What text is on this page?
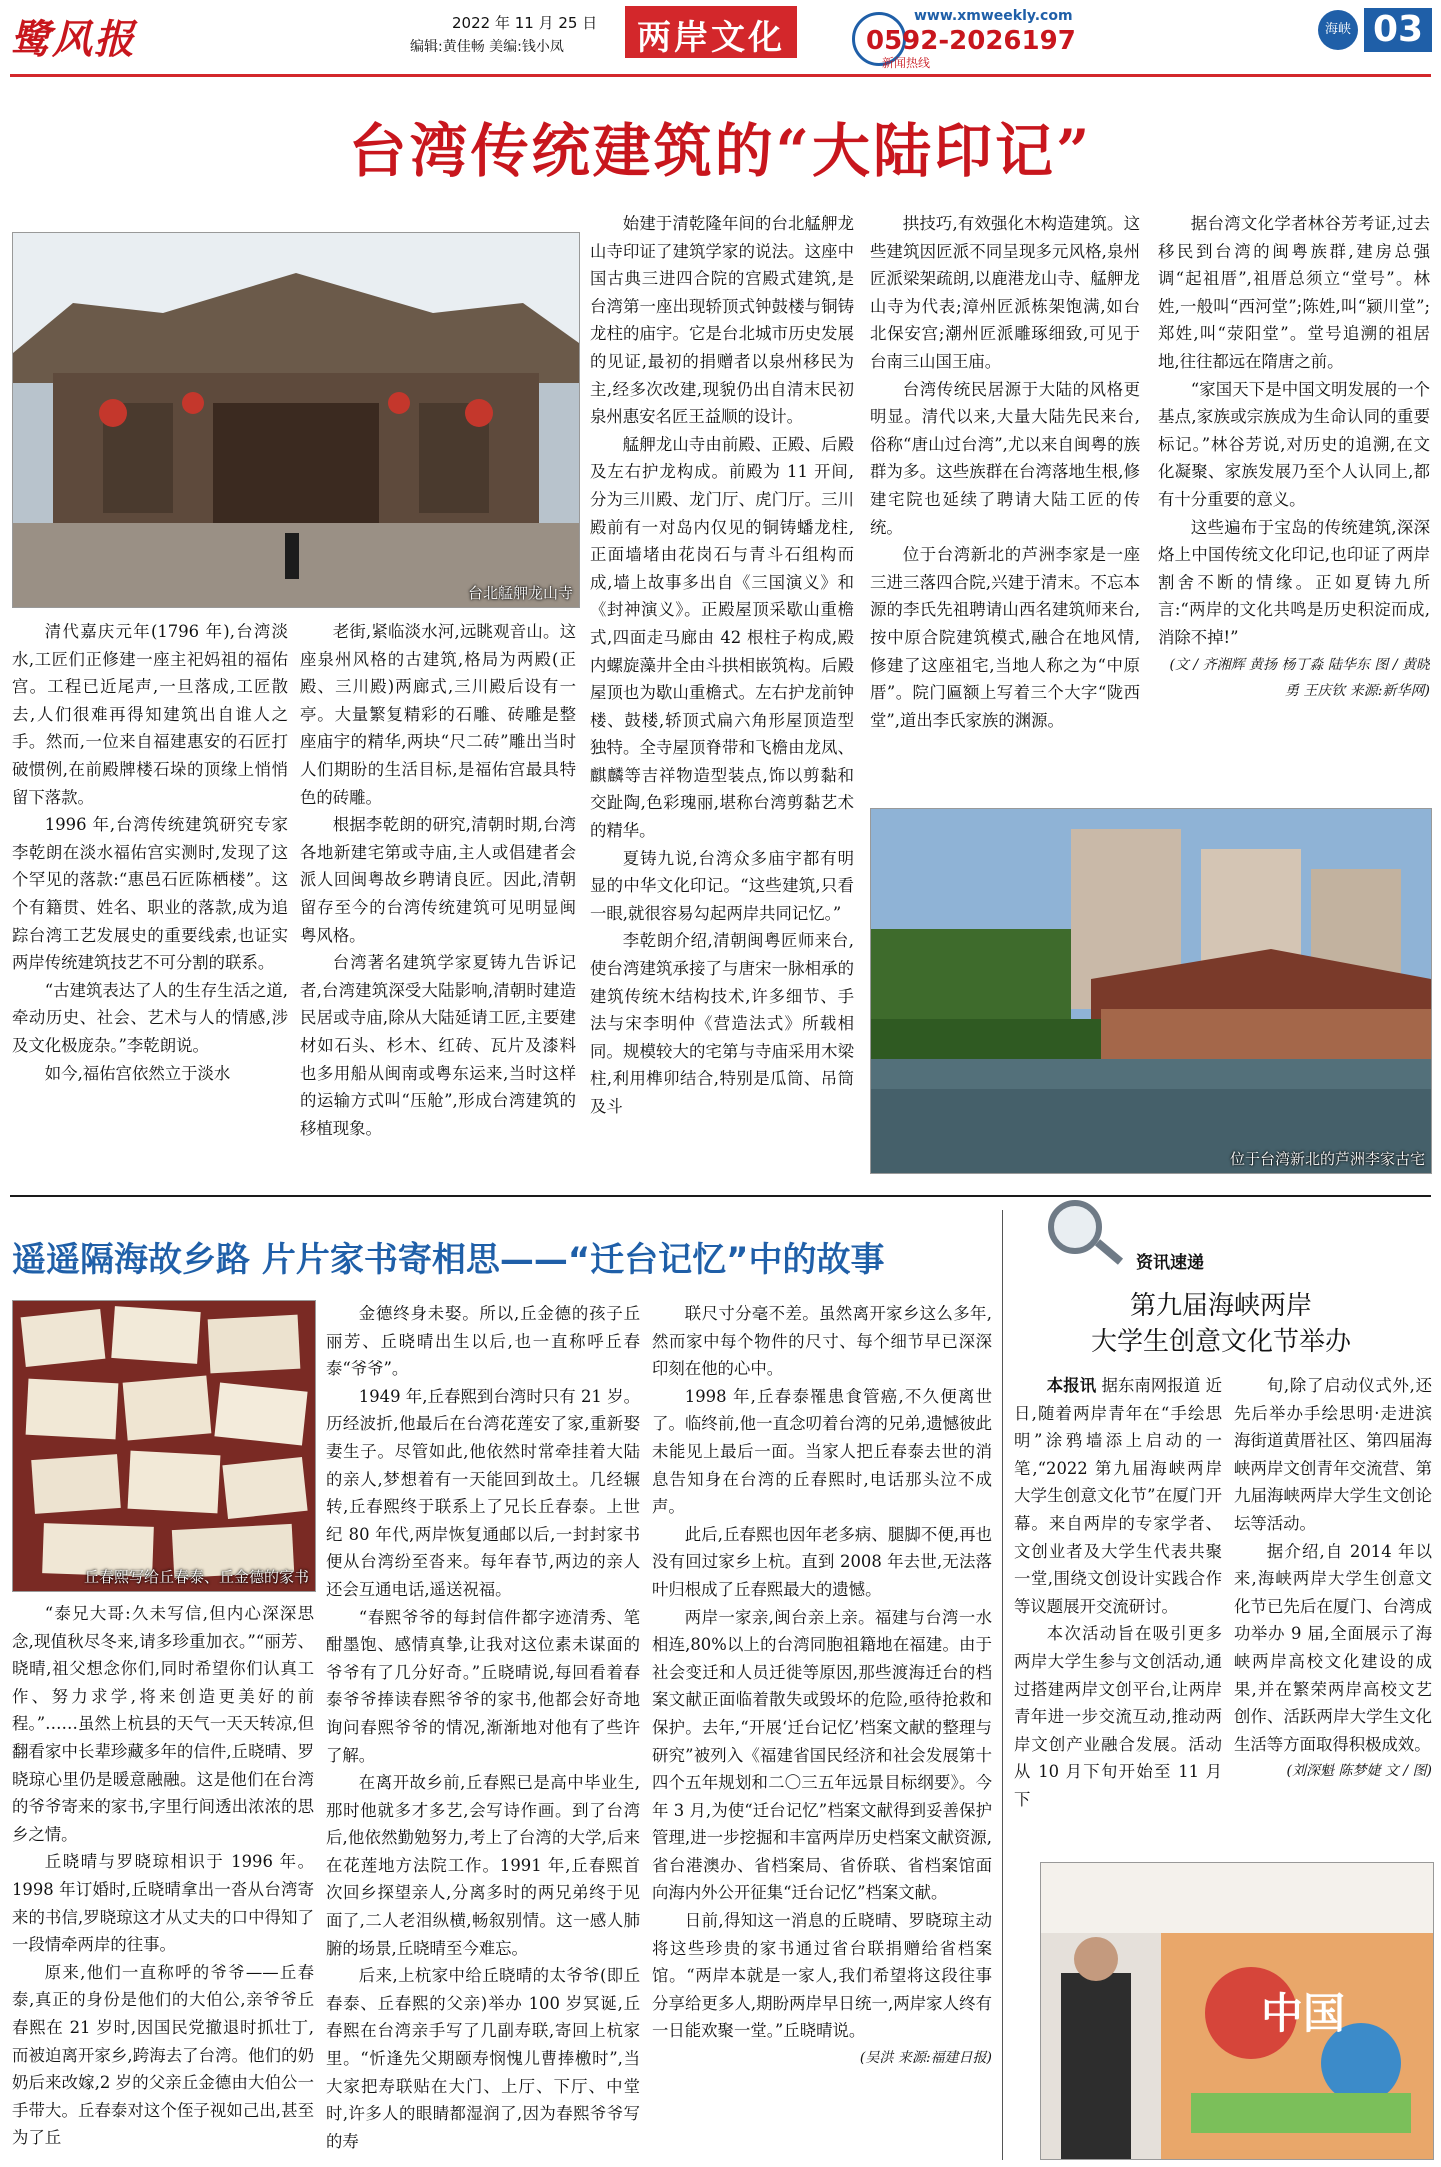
鹭风报	2022 年 11 月 25 日
编辑:黄佳畅 美编:钱小凤	两岸文化
www.xmweekly.com
0592-2026197
新闻热线
海峡 03
台湾传统建筑的“大陆印记”
台北艋舺龙山寺

清代嘉庆元年(1796 年),台湾淡水,工匠们正修建一座主祀妈祖的福佑宫。工程已近尾声,一旦落成,工匠散去,人们很难再得知建筑出自谁人之手。然而,一位来自福建惠安的石匠打破惯例,在前殿牌楼石垛的顶缘上悄悄留下落款。

1996 年,台湾传统建筑研究专家李乾朗在淡水福佑宫实测时,发现了这个罕见的落款:“惠邑石匠陈栖楼”。这个有籍贯、姓名、职业的落款,成为追踪台湾工艺发展史的重要线索,也证实两岸传统建筑技艺不可分割的联系。

“古建筑表达了人的生存生活之道,牵动历史、社会、艺术与人的情感,涉及文化极庞杂。”李乾朗说。

如今,福佑宫依然立于淡水

老街,紧临淡水河,远眺观音山。这座泉州风格的古建筑,格局为两殿(正殿、三川殿)两廊式,三川殿后设有一亭。大量繁复精彩的石雕、砖雕是整座庙宇的精华,两块“尺二砖”雕出当时人们期盼的生活目标,是福佑宫最具特色的砖雕。

根据李乾朗的研究,清朝时期,台湾各地新建宅第或寺庙,主人或倡建者会派人回闽粤故乡聘请良匠。因此,清朝留存至今的台湾传统建筑可见明显闽粤风格。

台湾著名建筑学家夏铸九告诉记者,台湾建筑深受大陆影响,清朝时建造民居或寺庙,除从大陆延请工匠,主要建材如石头、杉木、红砖、瓦片及漆料也多用船从闽南或粤东运来,当时这样的运输方式叫“压舱”,形成台湾建筑的移植现象。

始建于清乾隆年间的台北艋舺龙山寺印证了建筑学家的说法。这座中国古典三进四合院的宫殿式建筑,是台湾第一座出现轿顶式钟鼓楼与铜铸龙柱的庙宇。它是台北城市历史发展的见证,最初的捐赠者以泉州移民为主,经多次改建,现貌仍出自清末民初泉州惠安名匠王益顺的设计。

艋舺龙山寺由前殿、正殿、后殿及左右护龙构成。前殿为 11 开间,分为三川殿、龙门厅、虎门厅。三川殿前有一对岛内仅见的铜铸蟠龙柱,正面墙堵由花岗石与青斗石组构而成,墙上故事多出自《三国演义》和《封神演义》。正殿屋顶采歇山重檐式,四面走马廊由 42 根柱子构成,殿内螺旋藻井全由斗拱相嵌筑构。后殿屋顶也为歇山重檐式。左右护龙前钟楼、鼓楼,轿顶式扁六角形屋顶造型独特。全寺屋顶脊带和飞檐由龙凤、麒麟等吉祥物造型装点,饰以剪黏和交趾陶,色彩瑰丽,堪称台湾剪黏艺术的精华。

夏铸九说,台湾众多庙宇都有明显的中华文化印记。“这些建筑,只看一眼,就很容易勾起两岸共同记忆。”

李乾朗介绍,清朝闽粤匠师来台,使台湾建筑承接了与唐宋一脉相承的建筑传统木结构技术,许多细节、手法与宋李明仲《营造法式》所载相同。规模较大的宅第与寺庙采用木梁柱,利用榫卯结合,特别是瓜筒、吊筒及斗

拱技巧,有效强化木构造建筑。这些建筑因匠派不同呈现多元风格,泉州匠派梁架疏朗,以鹿港龙山寺、艋舺龙山寺为代表;漳州匠派栋架饱满,如台北保安宫;潮州匠派雕琢细致,可见于台南三山国王庙。

台湾传统民居源于大陆的风格更明显。清代以来,大量大陆先民来台,俗称“唐山过台湾”,尤以来自闽粤的族群为多。这些族群在台湾落地生根,修建宅院也延续了聘请大陆工匠的传统。

位于台湾新北的芦洲李家是一座三进三落四合院,兴建于清末。不忘本源的李氏先祖聘请山西名建筑师来台,按中原合院建筑模式,融合在地风情,修建了这座祖宅,当地人称之为“中原厝”。院门匾额上写着三个大字“陇西堂”,道出李氏家族的渊源。

据台湾文化学者林谷芳考证,过去移民到台湾的闽粤族群,建房总强调“起祖厝”,祖厝总须立“堂号”。林姓,一般叫“西河堂”;陈姓,叫“颍川堂”;郑姓,叫“荥阳堂”。堂号追溯的祖居地,往往都远在隋唐之前。

“家国天下是中国文明发展的一个基点,家族或宗族成为生命认同的重要标记。”林谷芳说,对历史的追溯,在文化凝聚、家族发展乃至个人认同上,都有十分重要的意义。

这些遍布于宝岛的传统建筑,深深烙上中国传统文化印记,也印证了两岸割舍不断的情缘。正如夏铸九所言:“两岸的文化共鸣是历史积淀而成,消除不掉!”

(文 / 齐湘辉 黄扬 杨丁淼 陆华东 图 / 黄晓勇 王庆钦 来源:新华网)
位于台湾新北的芦洲李家古宅
遥遥隔海故乡路 片片家书寄相思——“迁台记忆”中的故事
丘春熙写给丘春泰、丘金德的家书

“泰兄大哥:久未写信,但内心深深思念,现值秋尽冬来,请多珍重加衣。”“丽芳、晓晴,祖父想念你们,同时希望你们认真工作、努力求学,将来创造更美好的前程。”……虽然上杭县的天气一天天转凉,但翻看家中长辈珍藏多年的信件,丘晓晴、罗晓琼心里仍是暖意融融。这是他们在台湾的爷爷寄来的家书,字里行间透出浓浓的思乡之情。

丘晓晴与罗晓琼相识于 1996 年。1998 年订婚时,丘晓晴拿出一沓从台湾寄来的书信,罗晓琼这才从丈夫的口中得知了一段情牵两岸的往事。

原来,他们一直称呼的爷爷——丘春泰,真正的身份是他们的大伯公,亲爷爷丘春熙在 21 岁时,因国民党撤退时抓壮丁,而被迫离开家乡,跨海去了台湾。他们的奶奶后来改嫁,2 岁的父亲丘金德由大伯公一手带大。丘春泰对这个侄子视如己出,甚至为了丘

金德终身未娶。所以,丘金德的孩子丘丽芳、丘晓晴出生以后,也一直称呼丘春泰“爷爷”。

1949 年,丘春熙到台湾时只有 21 岁。历经波折,他最后在台湾花莲安了家,重新娶妻生子。尽管如此,他依然时常牵挂着大陆的亲人,梦想着有一天能回到故土。几经辗转,丘春熙终于联系上了兄长丘春泰。上世纪 80 年代,两岸恢复通邮以后,一封封家书便从台湾纷至沓来。每年春节,两边的亲人还会互通电话,遥送祝福。

“春熙爷爷的每封信件都字迹清秀、笔酣墨饱、感情真挚,让我对这位素未谋面的爷爷有了几分好奇。”丘晓晴说,每回看着春泰爷爷捧读春熙爷爷的家书,他都会好奇地询问春熙爷爷的情况,渐渐地对他有了些许了解。

在离开故乡前,丘春熙已是高中毕业生,那时他就多才多艺,会写诗作画。到了台湾后,他依然勤勉努力,考上了台湾的大学,后来在花莲地方法院工作。1991 年,丘春熙首次回乡探望亲人,分离多时的两兄弟终于见面了,二人老泪纵横,畅叙别情。这一感人肺腑的场景,丘晓晴至今难忘。

后来,上杭家中给丘晓晴的太爷爷(即丘春泰、丘春熙的父亲)举办 100 岁冥诞,丘春熙在台湾亲手写了几副寿联,寄回上杭家里。“忻逢先父期颐寿悯愧儿曹捧檄时”,当大家把寿联贴在大门、上厅、下厅、中堂时,许多人的眼睛都湿润了,因为春熙爷爷写的寿

联尺寸分毫不差。虽然离开家乡这么多年,然而家中每个物件的尺寸、每个细节早已深深印刻在他的心中。

1998 年,丘春泰罹患食管癌,不久便离世了。临终前,他一直念叨着台湾的兄弟,遗憾彼此未能见上最后一面。当家人把丘春泰去世的消息告知身在台湾的丘春熙时,电话那头泣不成声。

此后,丘春熙也因年老多病、腿脚不便,再也没有回过家乡上杭。直到 2008 年去世,无法落叶归根成了丘春熙最大的遗憾。

两岸一家亲,闽台亲上亲。福建与台湾一水相连,80%以上的台湾同胞祖籍地在福建。由于社会变迁和人员迁徙等原因,那些渡海迁台的档案文献正面临着散失或毁坏的危险,亟待抢救和保护。去年,“开展‘迁台记忆’档案文献的整理与研究”被列入《福建省国民经济和社会发展第十四个五年规划和二〇三五年远景目标纲要》。今年 3 月,为使“迁台记忆”档案文献得到妥善保护管理,进一步挖掘和丰富两岸历史档案文献资源,省台港澳办、省档案局、省侨联、省档案馆面向海内外公开征集“迁台记忆”档案文献。

日前,得知这一消息的丘晓晴、罗晓琼主动将这些珍贵的家书通过省台联捐赠给省档案馆。“两岸本就是一家人,我们希望将这段往事分享给更多人,期盼两岸早日统一,两岸家人终有一日能欢聚一堂。”丘晓晴说。

(吴洪 来源:福建日报)
资讯速递
第九届海峡两岸
大学生创意文化节举办

本报讯 据东南网报道 近日,随着两岸青年在“手绘思明”涂鸦墙添上启动的一笔,“2022 第九届海峡两岸大学生创意文化节”在厦门开幕。来自两岸的专家学者、文创业者及大学生代表共聚一堂,围绕文创设计实践合作等议题展开交流研讨。

本次活动旨在吸引更多两岸大学生参与文创活动,通过搭建两岸文创平台,让两岸青年进一步交流互动,推动两岸文创产业融合发展。活动从 10 月下旬开始至 11 月下

旬,除了启动仪式外,还先后举办手绘思明·走进滨海街道黄厝社区、第四届海峡两岸文创青年交流营、第九届海峡两岸大学生文创论坛等活动。

据介绍,自 2014 年以来,海峡两岸大学生创意文化节已先后在厦门、台湾成功举办 9 届,全面展示了海峡两岸高校文化建设的成果,并在繁荣两岸高校文艺创作、活跃两岸大学生文化生活等方面取得积极成效。

(刘深魁 陈梦婕 文 / 图)
中国
